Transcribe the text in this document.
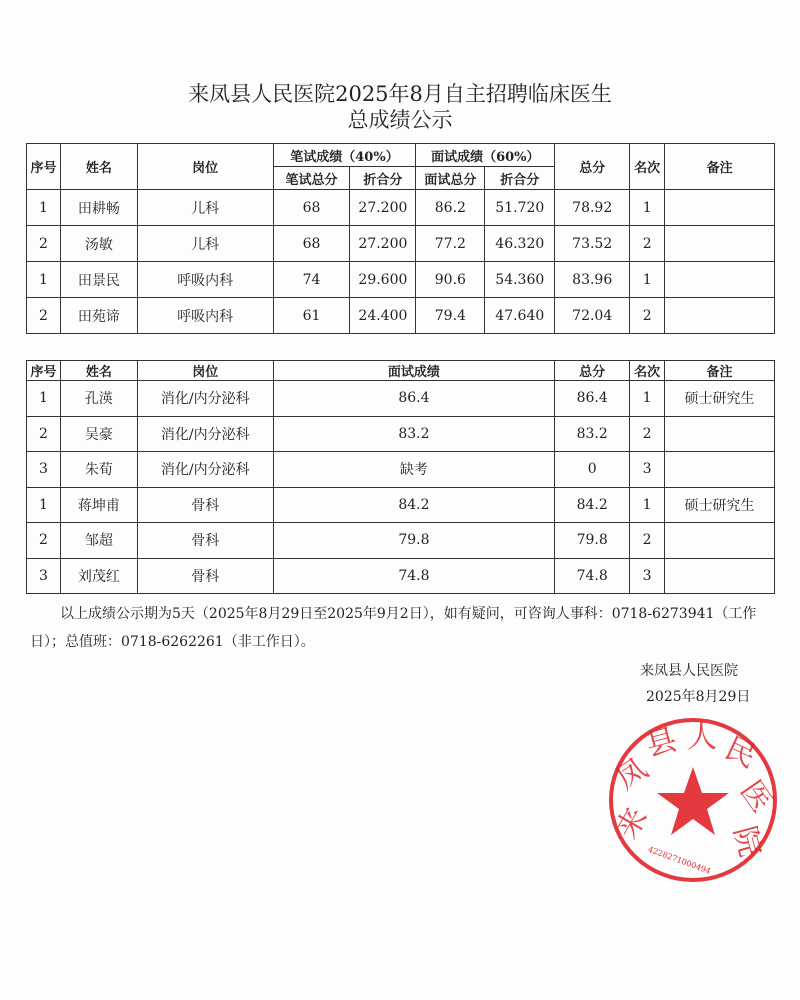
来凤县人民医院2025年8月自主招聘临床医生
总成绩公示
序号	姓名	岗位	笔试成绩（40%）		面试成绩（60%）		总分	名次	备注
			笔试总分	折合分	面试总分	折合分			
1	田耕畅	儿科	68	27.200	86.2	51.720	78.92	1	
2	汤敏	儿科	68	27.200	77.2	46.320	73.52	2	
1	田景民	呼吸内科	74	29.600	90.6	54.360	83.96	1	
2	田苑谛	呼吸内科	61	24.400	79.4	47.640	72.04	2	
序号	姓名	岗位	面试成绩	总分	名次	备注
1	孔渶	消化/内分泌科	86.4	86.4	1	硕士研究生
2	吴豪	消化/内分泌科	83.2	83.2	2	
3	朱荀	消化/内分泌科	缺考	0	3	
1	蒋坤甫	骨科	84.2	84.2	1	硕士研究生
2	邹超	骨科	79.8	79.8	2	
3	刘茂红	骨科	74.8	74.8	3	
以上成绩公示期为5天（2025年8月29日至2025年9月2日），如有疑问，可咨询人事科：0718-6273941（工作日）；总值班：0718-6262261（非工作日）。
来凤县人民医院
2025年8月29日
来
凤
县 人 民
医
院
4228271000494
